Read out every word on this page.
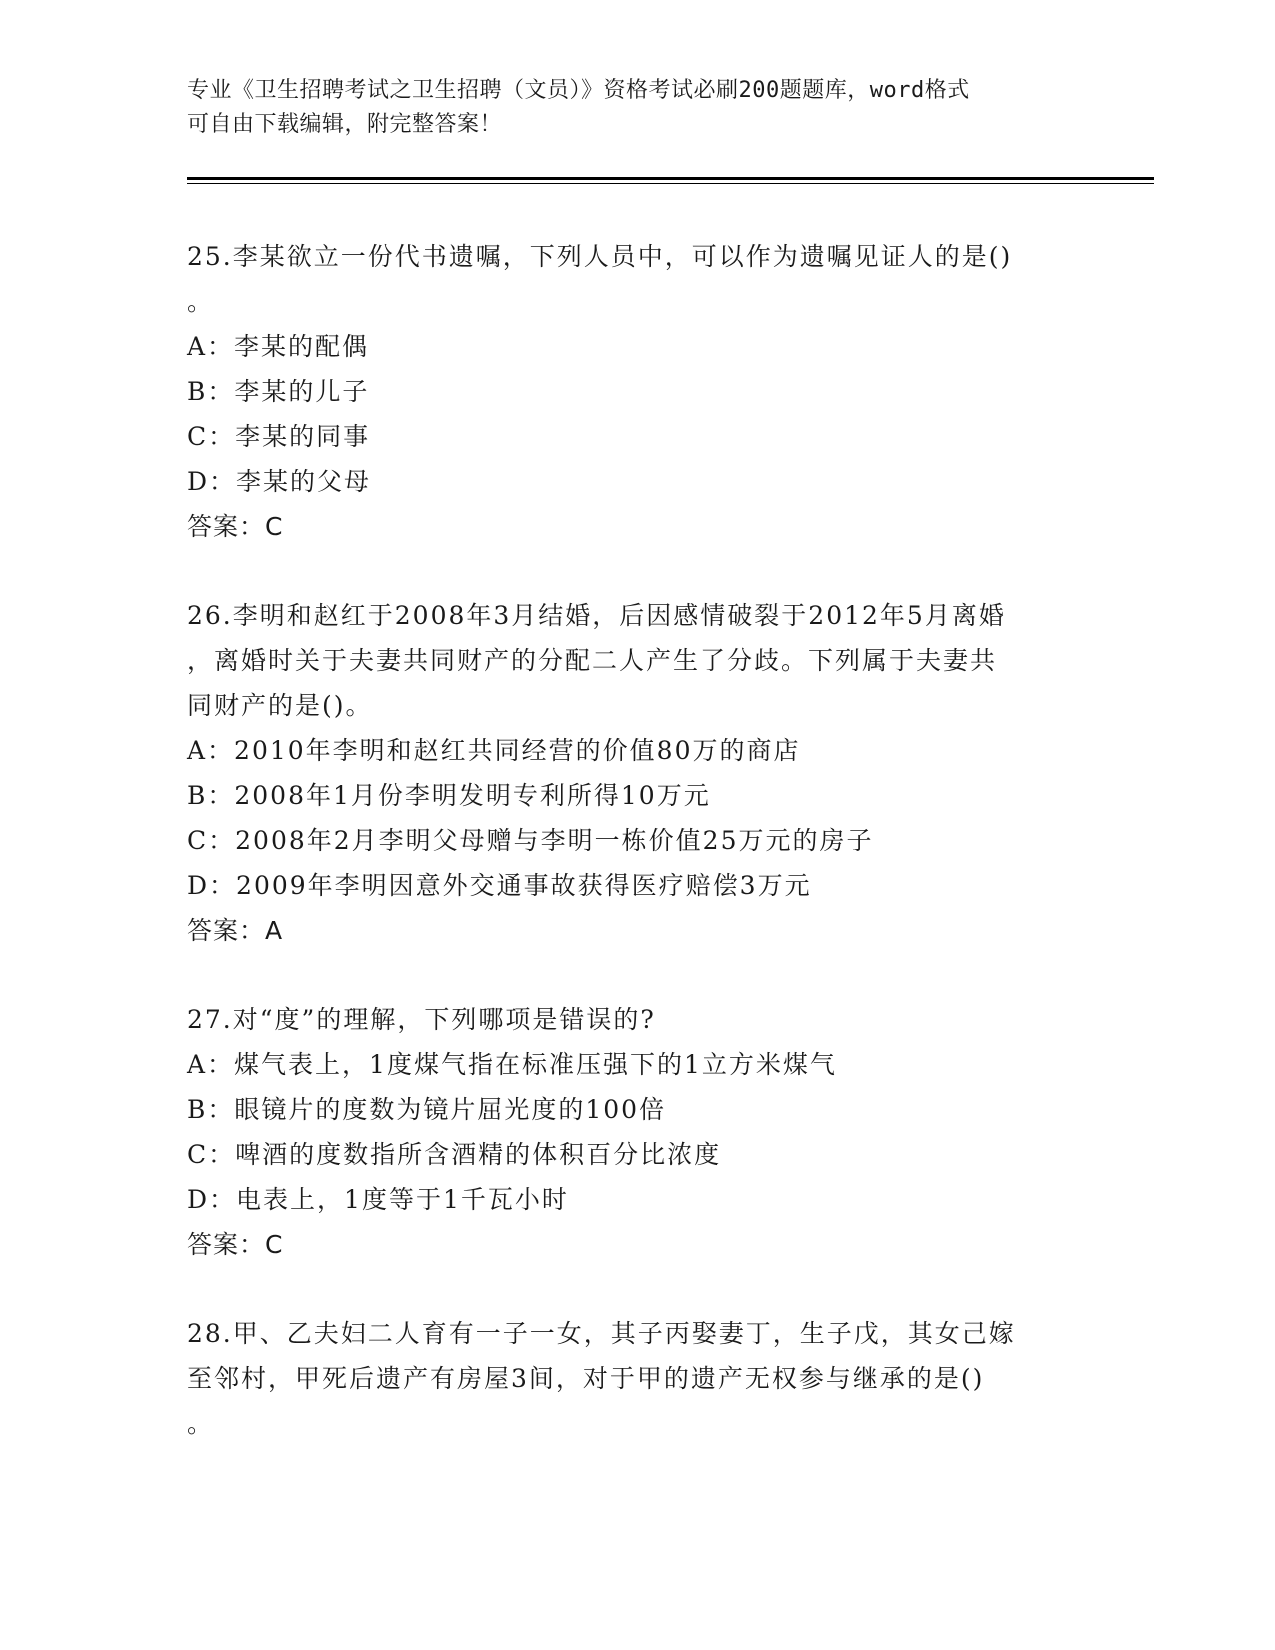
专业《卫生招聘考试之卫生招聘（文员）》资格考试必刷200题题库，word格式
可自由下载编辑，附完整答案！
25.李某欲立一份代书遗嘱，下列人员中，可以作为遗嘱见证人的是()
。
A：李某的配偶
B：李某的儿子
C：李某的同事
D：李某的父母
答案：C
26.李明和赵红于2008年3月结婚，后因感情破裂于2012年5月离婚
，离婚时关于夫妻共同财产的分配二人产生了分歧。下列属于夫妻共
同财产的是()。
A：2010年李明和赵红共同经营的价值80万的商店
B：2008年1月份李明发明专利所得10万元
C：2008年2月李明父母赠与李明一栋价值25万元的房子
D：2009年李明因意外交通事故获得医疗赔偿3万元
答案：A
27.对“度”的理解，下列哪项是错误的?
A：煤气表上，1度煤气指在标准压强下的1立方米煤气
B：眼镜片的度数为镜片屈光度的100倍
C：啤酒的度数指所含酒精的体积百分比浓度
D：电表上，1度等于1千瓦小时
答案：C
28.甲、乙夫妇二人育有一子一女，其子丙娶妻丁，生子戊，其女己嫁
至邻村，甲死后遗产有房屋3间，对于甲的遗产无权参与继承的是()
。
